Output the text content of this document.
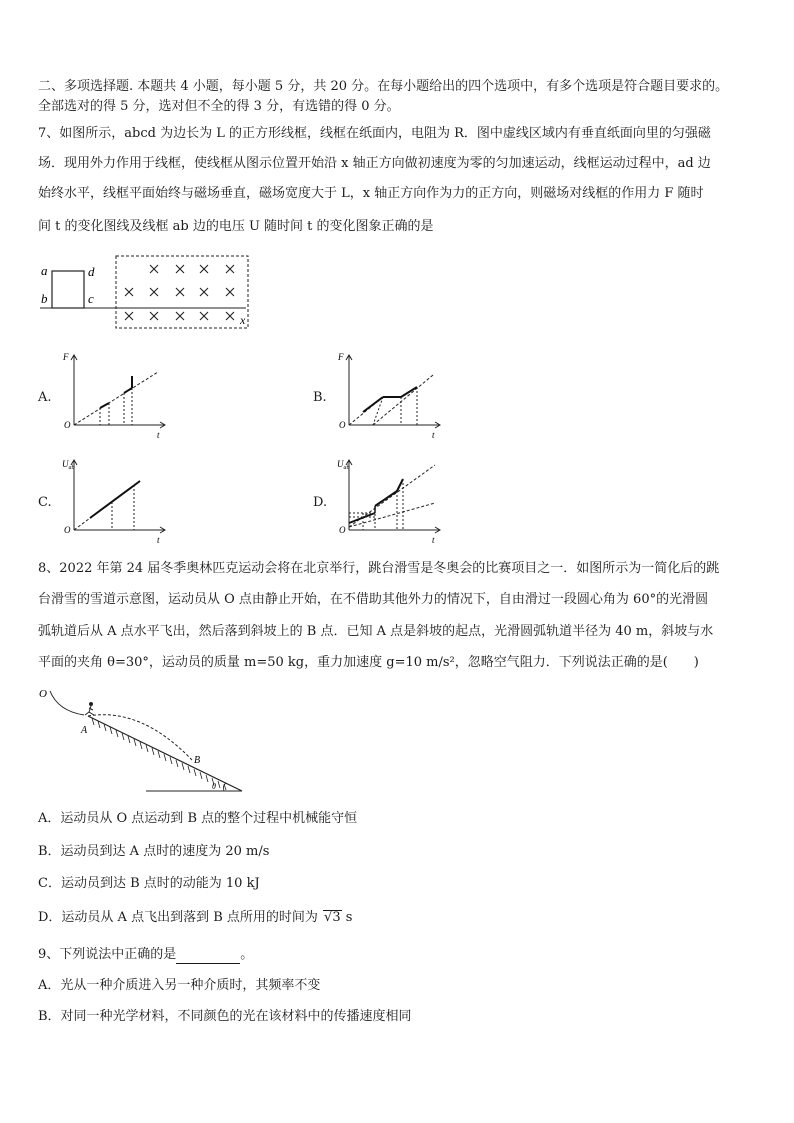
二、多项选择题. 本题共 4 小题，每小题 5 分，共 20 分。在每小题给出的四个选项中，有多个选项是符合题目要求的。
全部选对的得 5 分，选对但不全的得 3 分，有选错的得 0 分。
7、如图所示，abcd 为边长为 L 的正方形线框，线框在纸面内，电阻为 R．图中虚线区域内有垂直纸面向里的匀强磁
场．现用外力作用于线框，使线框从图示位置开始沿 x 轴正方向做初速度为零的匀加速运动，线框运动过程中，ad 边
始终水平，线框平面始终与磁场垂直，磁场宽度大于 L，x 轴正方向作为力的正方向，则磁场对线框的作用力 F 随时
间 t 的变化图线及线框 ab 边的电压 U 随时间 t 的变化图象正确的是
a
b	c
d
x
A.	B.
C.	D.
F
O
t
F
O
t
$U_{ab}$
O
t
$U_{ab}$
O
t
8、2022 年第 24 届冬季奥林匹克运动会将在北京举行，跳台滑雪是冬奥会的比赛项目之一．如图所示为一简化后的跳
台滑雪的雪道示意图，运动员从 O 点由静止开始，在不借助其他外力的情况下，自由滑过一段圆心角为 60°的光滑圆
弧轨道后从 A 点水平飞出，然后落到斜坡上的 B 点．已知 A 点是斜坡的起点，光滑圆弧轨道半径为 40 m，斜坡与水
平面的夹角 θ=30°，运动员的质量 m=50 kg，重力加速度 g=10 m/s²，忽略空气阻力．下列说法正确的是(　　)
O
A
B
θ
A．运动员从 O 点运动到 B 点的整个过程中机械能守恒
B．运动员到达 A 点时的速度为 20 m/s
C．运动员到达 B 点时的动能为 10 kJ
D．运动员从 A 点飞出到落到 B 点所用的时间为 √3 s
9、下列说法中正确的是	。
A．光从一种介质进入另一种介质时，其频率不变
B．对同一种光学材料，不同颜色的光在该材料中的传播速度相同
